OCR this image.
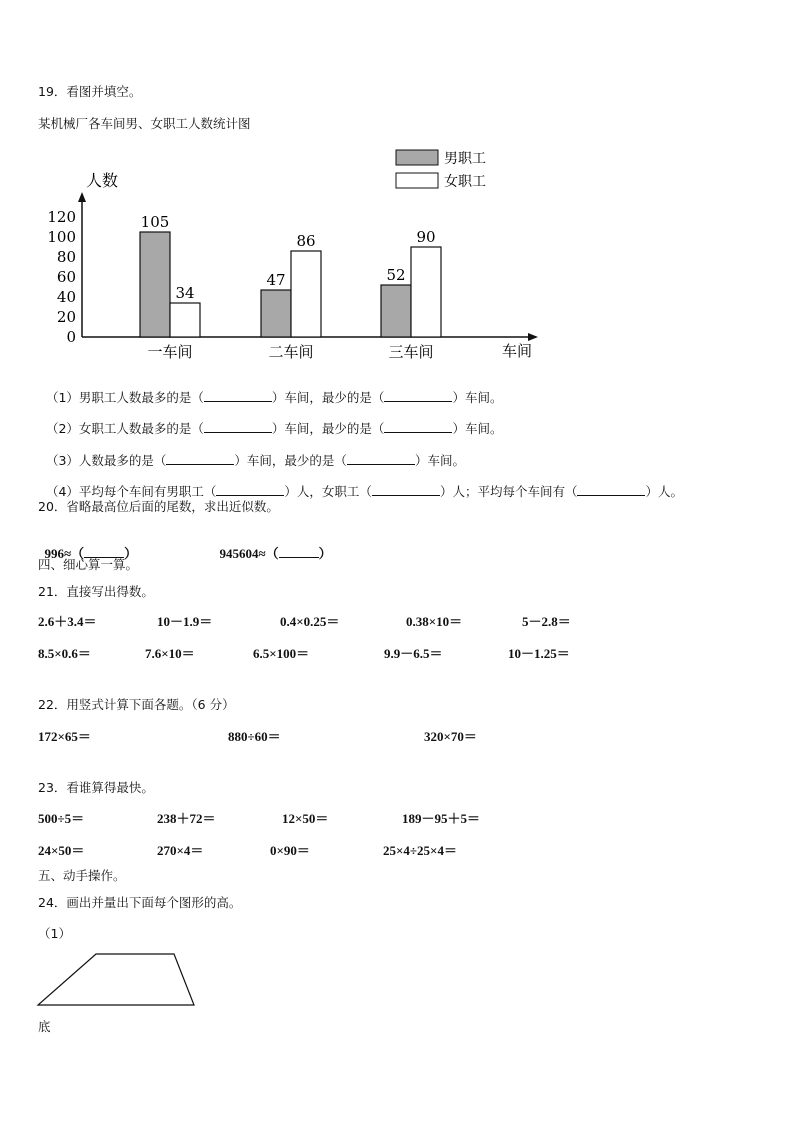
19．看图并填空。
某机械厂各车间男、女职工人数统计图
男职工
女职工
人数
车间
0
20
40
60
80
100
120	105
34
47
86
52
90
一车间	二车间	三车间

（1）男职工人数最多的是（	）车间，最少的是（	）车间。

（2）女职工人数最多的是（	）车间，最少的是（	）车间。

（3）人数最多的是（	）车间，最少的是（	）车间。

（4）平均每个车间有男职工（	）人，女职工（	）人；平均每个车间有（	）人。

20．省略最高位后面的尾数，求出近似数。

996≈（	）	945604≈（	）

四、细心算一算。
21．直接写出得数。
2.6＋3.4＝	10－1.9＝	0.4×0.25＝	0.38×10＝	5－2.8＝
8.5×0.6＝	7.6×10＝	6.5×100＝	9.9－6.5＝	10－1.25＝
22．用竖式计算下面各题。（6 分）
172×65＝	880÷60＝	320×70＝
23．看谁算得最快。
500÷5＝	238＋72＝	12×50＝	189－95＋5＝
24×50＝	270×4＝	0×90＝	25×4÷25×4＝
五、动手操作。
24．画出并量出下面每个图形的高。
（1）
底
